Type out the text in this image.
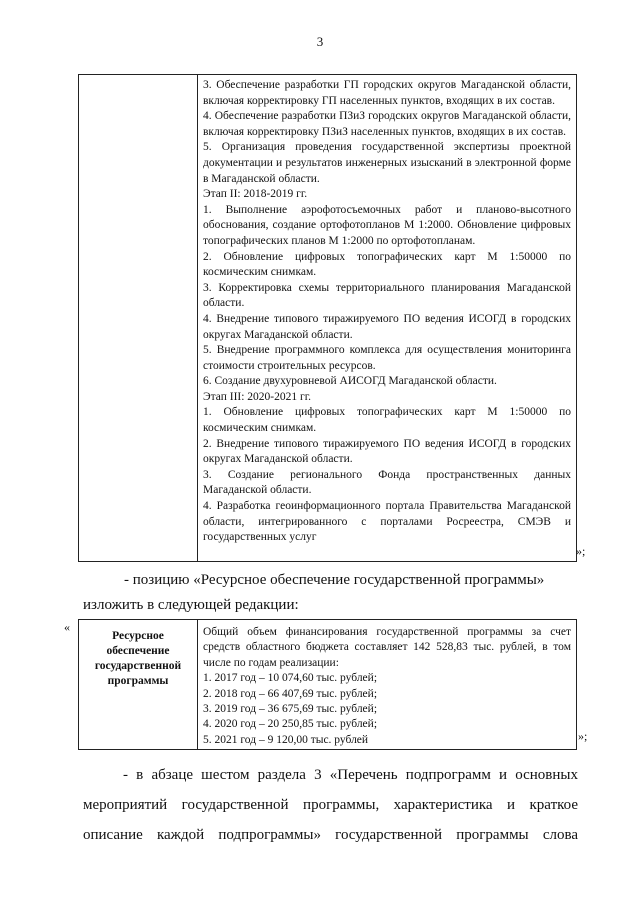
3
3. Обеспечение разработки ГП городских округов Магаданской области, включая корректировку ГП населенных пунктов, входящих в их состав.
4. Обеспечение разработки ПЗиЗ городских округов Магаданской области, включая корректировку ПЗиЗ населенных пунктов, входящих в их состав.
5. Организация проведения государственной экспертизы проектной документации и результатов инженерных изысканий в электронной форме в Магаданской области.
Этап II: 2018-2019 гг.
1. Выполнение аэрофотосъемочных работ и планово-высотного обоснования, создание ортофотопланов М 1:2000. Обновление цифровых топографических планов М 1:2000 по ортофотопланам.
2. Обновление цифровых топографических карт М 1:50000 по космическим снимкам.
3. Корректировка схемы территориального планирования Магаданской области.
4. Внедрение типового тиражируемого ПО ведения ИСОГД в городских округах Магаданской области.
5. Внедрение программного комплекса для осуществления мониторинга стоимости строительных ресурсов.
6. Создание двухуровневой АИСОГД Магаданской области.
Этап III: 2020-2021 гг.
1. Обновление цифровых топографических карт М 1:50000 по космическим снимкам.
2. Внедрение типового тиражируемого ПО ведения ИСОГД в городских округах Магаданской области.
3. Создание регионального Фонда пространственных данных Магаданской области.
4. Разработка геоинформационного портала Правительства Магаданской области, интегрированного с порталами Росреестра, СМЭВ и государственных услуг
»;
- позицию «Ресурсное обеспечение государственной программы»
изложить в следующей редакции:
«
Ресурсное обеспечение государственной программы
Общий объем финансирования государственной программы за счет средств областного бюджета составляет 142 528,83 тыс. рублей, в том числе по годам реализации:
1. 2017 год – 10 074,60 тыс. рублей;
2. 2018 год – 66 407,69 тыс. рублей;
3. 2019 год – 36 675,69 тыс. рублей;
4. 2020 год – 20 250,85 тыс. рублей;
5. 2021 год – 9 120,00 тыс. рублей	»;
- в абзаце шестом раздела 3 «Перечень подпрограмм и основных
мероприятий государственной программы, характеристика и краткое
описание каждой подпрограммы» государственной программы слова
